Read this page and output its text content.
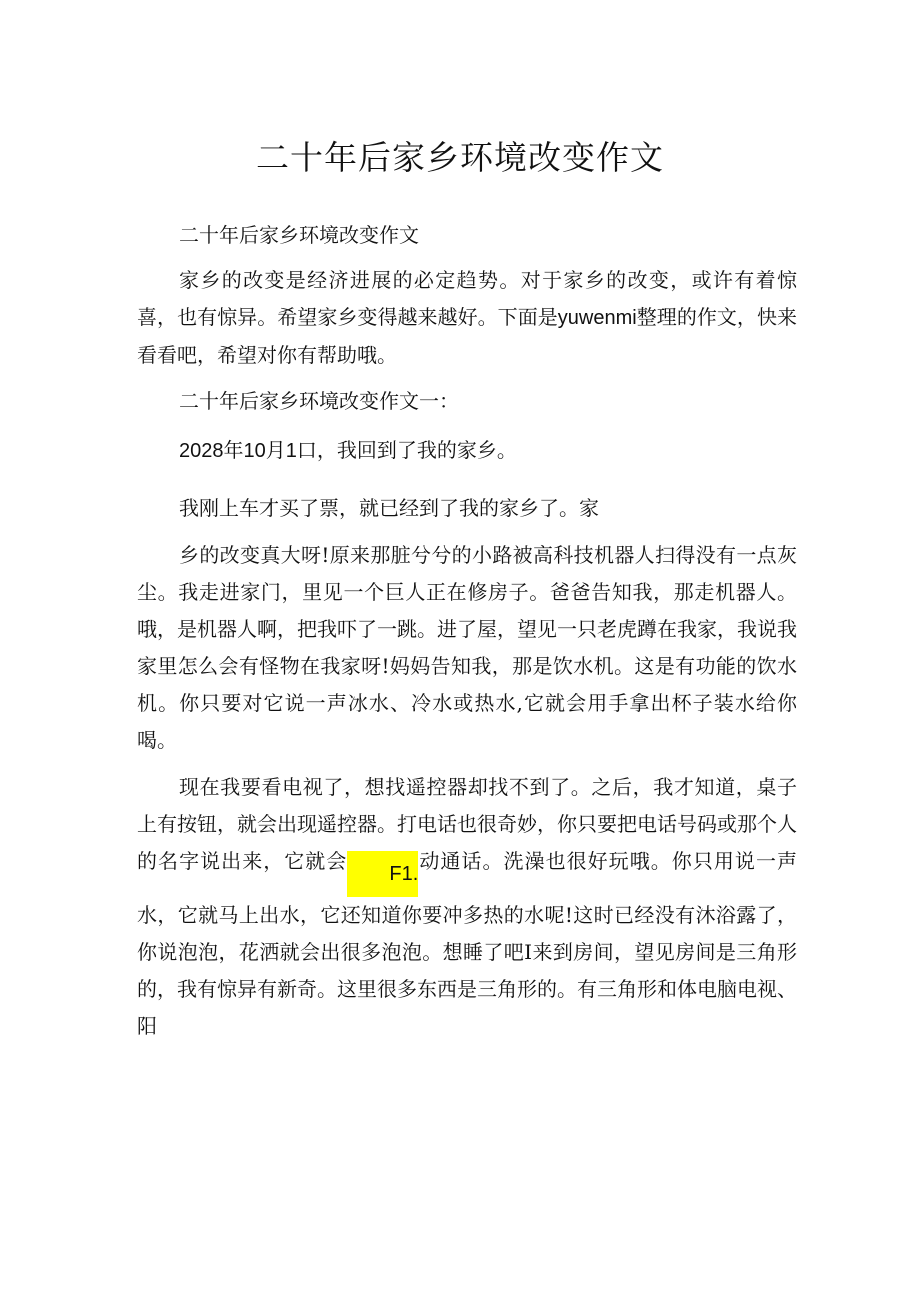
二十年后家乡环境改变作文

二十年后家乡环境改变作文

家乡的改变是经济进展的必定趋势。对于家乡的改变，或许有着惊喜，也有惊异。希望家乡变得越来越好。下面是yuwenmi整理的作文，快来看看吧，希望对你有帮助哦。

二十年后家乡环境改变作文一：

2028年10月1口，我回到了我的家乡。

我刚上车才买了票，就已经到了我的家乡了。家

乡的改变真大呀!原来那脏兮兮的小路被高科技机器人扫得没有一点灰尘。我走进家门，里见一个巨人正在修房子。爸爸告知我，那走机器人。哦，是机器人啊，把我吓了一跳。进了屋，望见一只老虎蹲在我家，我说我家里怎么会有怪物在我家呀!妈妈告知我，那是饮水机。这是有功能的饮水机。你只要对它说一声冰水、冷水或热水,它就会用手拿出杯子装水给你喝。

现在我要看电视了，想找遥控器却找不到了。之后，我才知道，桌子上有按钮，就会出现遥控器。打电话也很奇妙，你只要把电话号码或那个人的名字说出来，它就会F1.动通话。洗澡也很好玩哦。你只用说一声水，它就马上出水，它还知道你要冲多热的水呢!这时已经没有沐浴露了，你说泡泡，花洒就会出很多泡泡。想睡了吧I来到房间，望见房间是三角形的，我有惊异有新奇。这里很多东西是三角形的。有三角形和体电脑电视、阳
